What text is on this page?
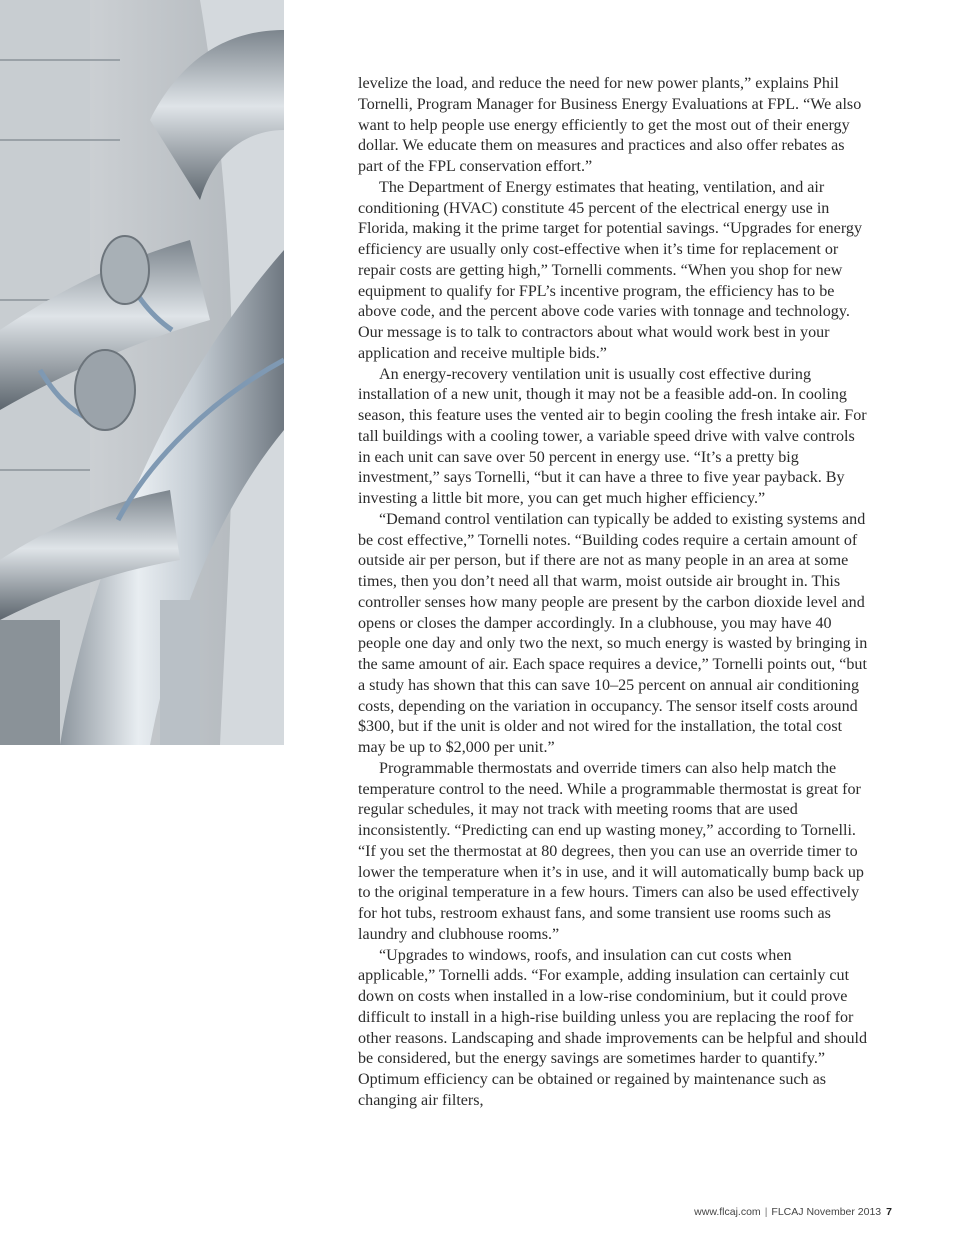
levelize the load, and reduce the need for new power plants,” explains Phil Tornelli, Program Manager for Business Energy Evaluations at FPL. “We also want to help people use energy efficiently to get the most out of their energy dollar. We educate them on measures and practices and also offer rebates as part of the FPL conservation effort.”

The Department of Energy estimates that heating, ventilation, and air conditioning (HVAC) constitute 45 percent of the electrical energy use in Florida, making it the prime target for potential savings. “Upgrades for energy efficiency are usually only cost-effective when it’s time for replacement or repair costs are getting high,” Tornelli comments. “When you shop for new equipment to qualify for FPL’s incentive program, the efficiency has to be above code, and the percent above code varies with tonnage and technology. Our message is to talk to contractors about what would work best in your application and receive multiple bids.”

An energy-recovery ventilation unit is usually cost effective during installation of a new unit, though it may not be a feasible add-on. In cooling season, this feature uses the vented air to begin cooling the fresh intake air. For tall buildings with a cooling tower, a variable speed drive with valve controls in each unit can save over 50 percent in energy use. “It’s a pretty big investment,” says Tornelli, “but it can have a three to five year payback. By investing a little bit more, you can get much higher efficiency.”

“Demand control ventilation can typically be added to existing systems and be cost effective,” Tornelli notes. “Building codes require a certain amount of outside air per person, but if there are not as many people in an area at some times, then you don’t need all that warm, moist outside air brought in. This controller senses how many people are present by the carbon dioxide level and opens or closes the damper accordingly. In a clubhouse, you may have 40 people one day and only two the next, so much energy is wasted by bringing in the same amount of air. Each space requires a device,” Tornelli points out, “but a study has shown that this can save 10–25 percent on annual air conditioning costs, depending on the variation in occupancy. The sensor itself costs around $300, but if the unit is older and not wired for the installation, the total cost may be up to $2,000 per unit.”

Programmable thermostats and override timers can also help match the temperature control to the need. While a programmable thermostat is great for regular schedules, it may not track with meeting rooms that are used inconsistently. “Predicting can end up wasting money,” according to Tornelli. “If you set the thermostat at 80 degrees, then you can use an override timer to lower the temperature when it’s in use, and it will automatically bump back up to the original temperature in a few hours. Timers can also be used effectively for hot tubs, restroom exhaust fans, and some transient use rooms such as laundry and clubhouse rooms.”

“Upgrades to windows, roofs, and insulation can cut costs when applicable,” Tornelli adds. “For example, adding insulation can certainly cut down on costs when installed in a low-rise condominium, but it could prove difficult to install in a high-rise building unless you are replacing the roof for other reasons. Landscaping and shade improvements can be helpful and should be considered, but the energy savings are sometimes harder to quantify.” Optimum efficiency can be obtained or regained by maintenance such as changing air filters,

www.flcaj.com | FLCAJ November 2013 7
